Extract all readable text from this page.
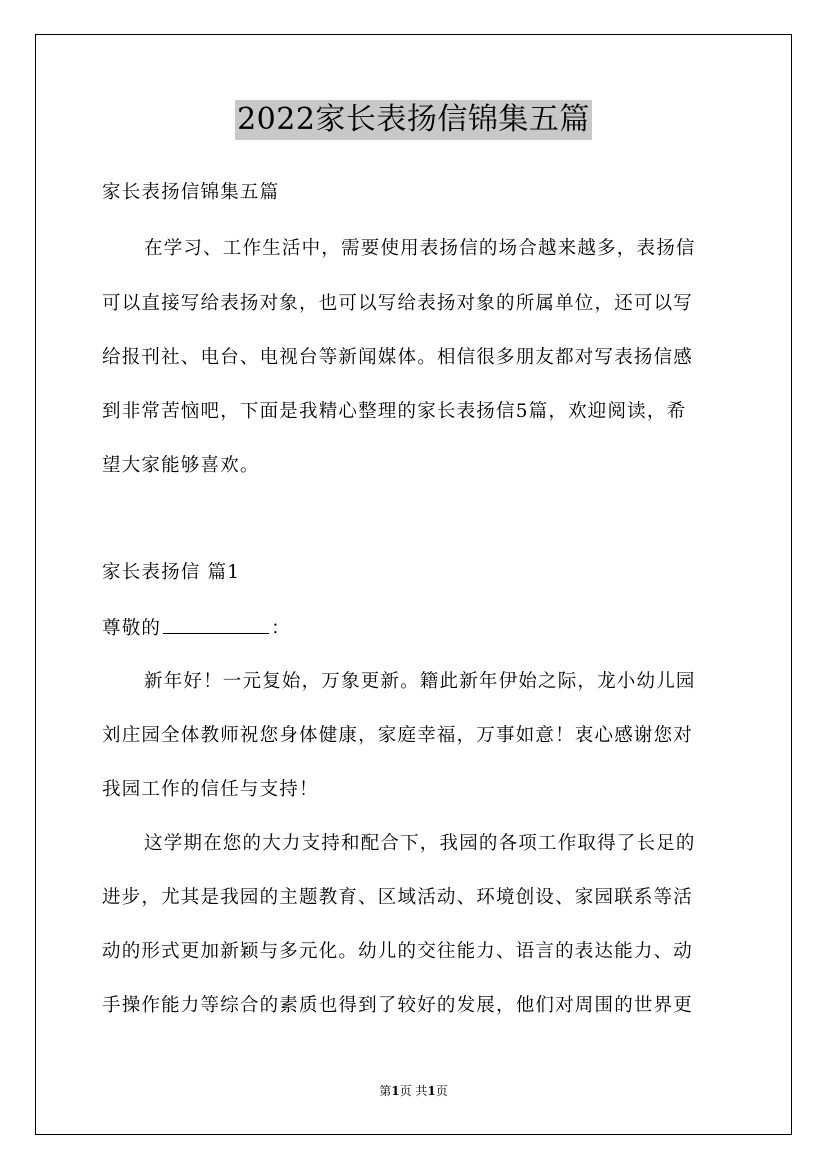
2022家长表扬信锦集五篇
家长表扬信锦集五篇
在学习、工作生活中，需要使用表扬信的场合越来越多，表扬信
可以直接写给表扬对象，也可以写给表扬对象的所属单位，还可以写
给报刊社、电台、电视台等新闻媒体。相信很多朋友都对写表扬信感
到非常苦恼吧，下面是我精心整理的家长表扬信5篇，欢迎阅读，希
望大家能够喜欢。
家长表扬信 篇1
尊敬的	：
新年好！一元复始，万象更新。籍此新年伊始之际，龙小幼儿园
刘庄园全体教师祝您身体健康，家庭幸福，万事如意！衷心感谢您对
我园工作的信任与支持！
这学期在您的大力支持和配合下，我园的各项工作取得了长足的
进步，尤其是我园的主题教育、区域活动、环境创设、家园联系等活
动的形式更加新颖与多元化。幼儿的交往能力、语言的表达能力、动
手操作能力等综合的素质也得到了较好的发展，他们对周围的世界更
第1页 共1页
